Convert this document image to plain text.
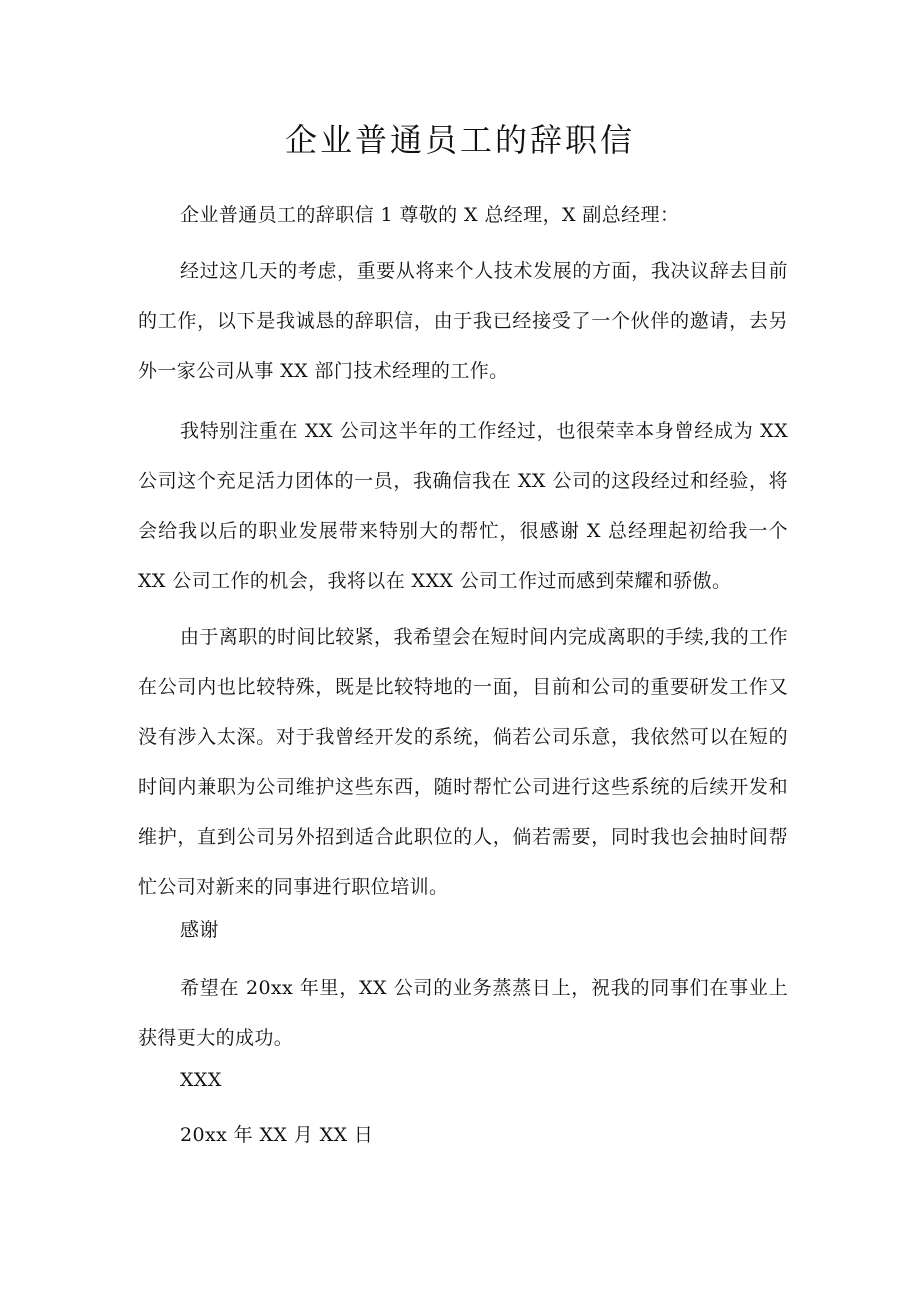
企业普通员工的辞职信

企业普通员工的辞职信 1 尊敬的 X 总经理，X 副总经理：

经过这几天的考虑，重要从将来个人技术发展的方面，我决议辞去目前的工作，以下是我诚恳的辞职信，由于我已经接受了一个伙伴的邀请，去另外一家公司从事 XX 部门技术经理的工作。

我特别注重在 XX 公司这半年的工作经过，也很荣幸本身曾经成为 XX 公司这个充足活力团体的一员，我确信我在 XX 公司的这段经过和经验，将会给我以后的职业发展带来特别大的帮忙，很感谢 X 总经理起初给我一个 XX 公司工作的机会，我将以在 XXX 公司工作过而感到荣耀和骄傲。

由于离职的时间比较紧，我希望会在短时间内完成离职的手续,我的工作在公司内也比较特殊，既是比较特地的一面，目前和公司的重要研发工作又没有涉入太深。对于我曾经开发的系统，倘若公司乐意，我依然可以在短的时间内兼职为公司维护这些东西，随时帮忙公司进行这些系统的后续开发和维护，直到公司另外招到适合此职位的人，倘若需要，同时我也会抽时间帮忙公司对新来的同事进行职位培训。

感谢

希望在 20xx 年里，XX 公司的业务蒸蒸日上，祝我的同事们在事业上获得更大的成功。

XXX

20xx 年 XX 月 XX 日
